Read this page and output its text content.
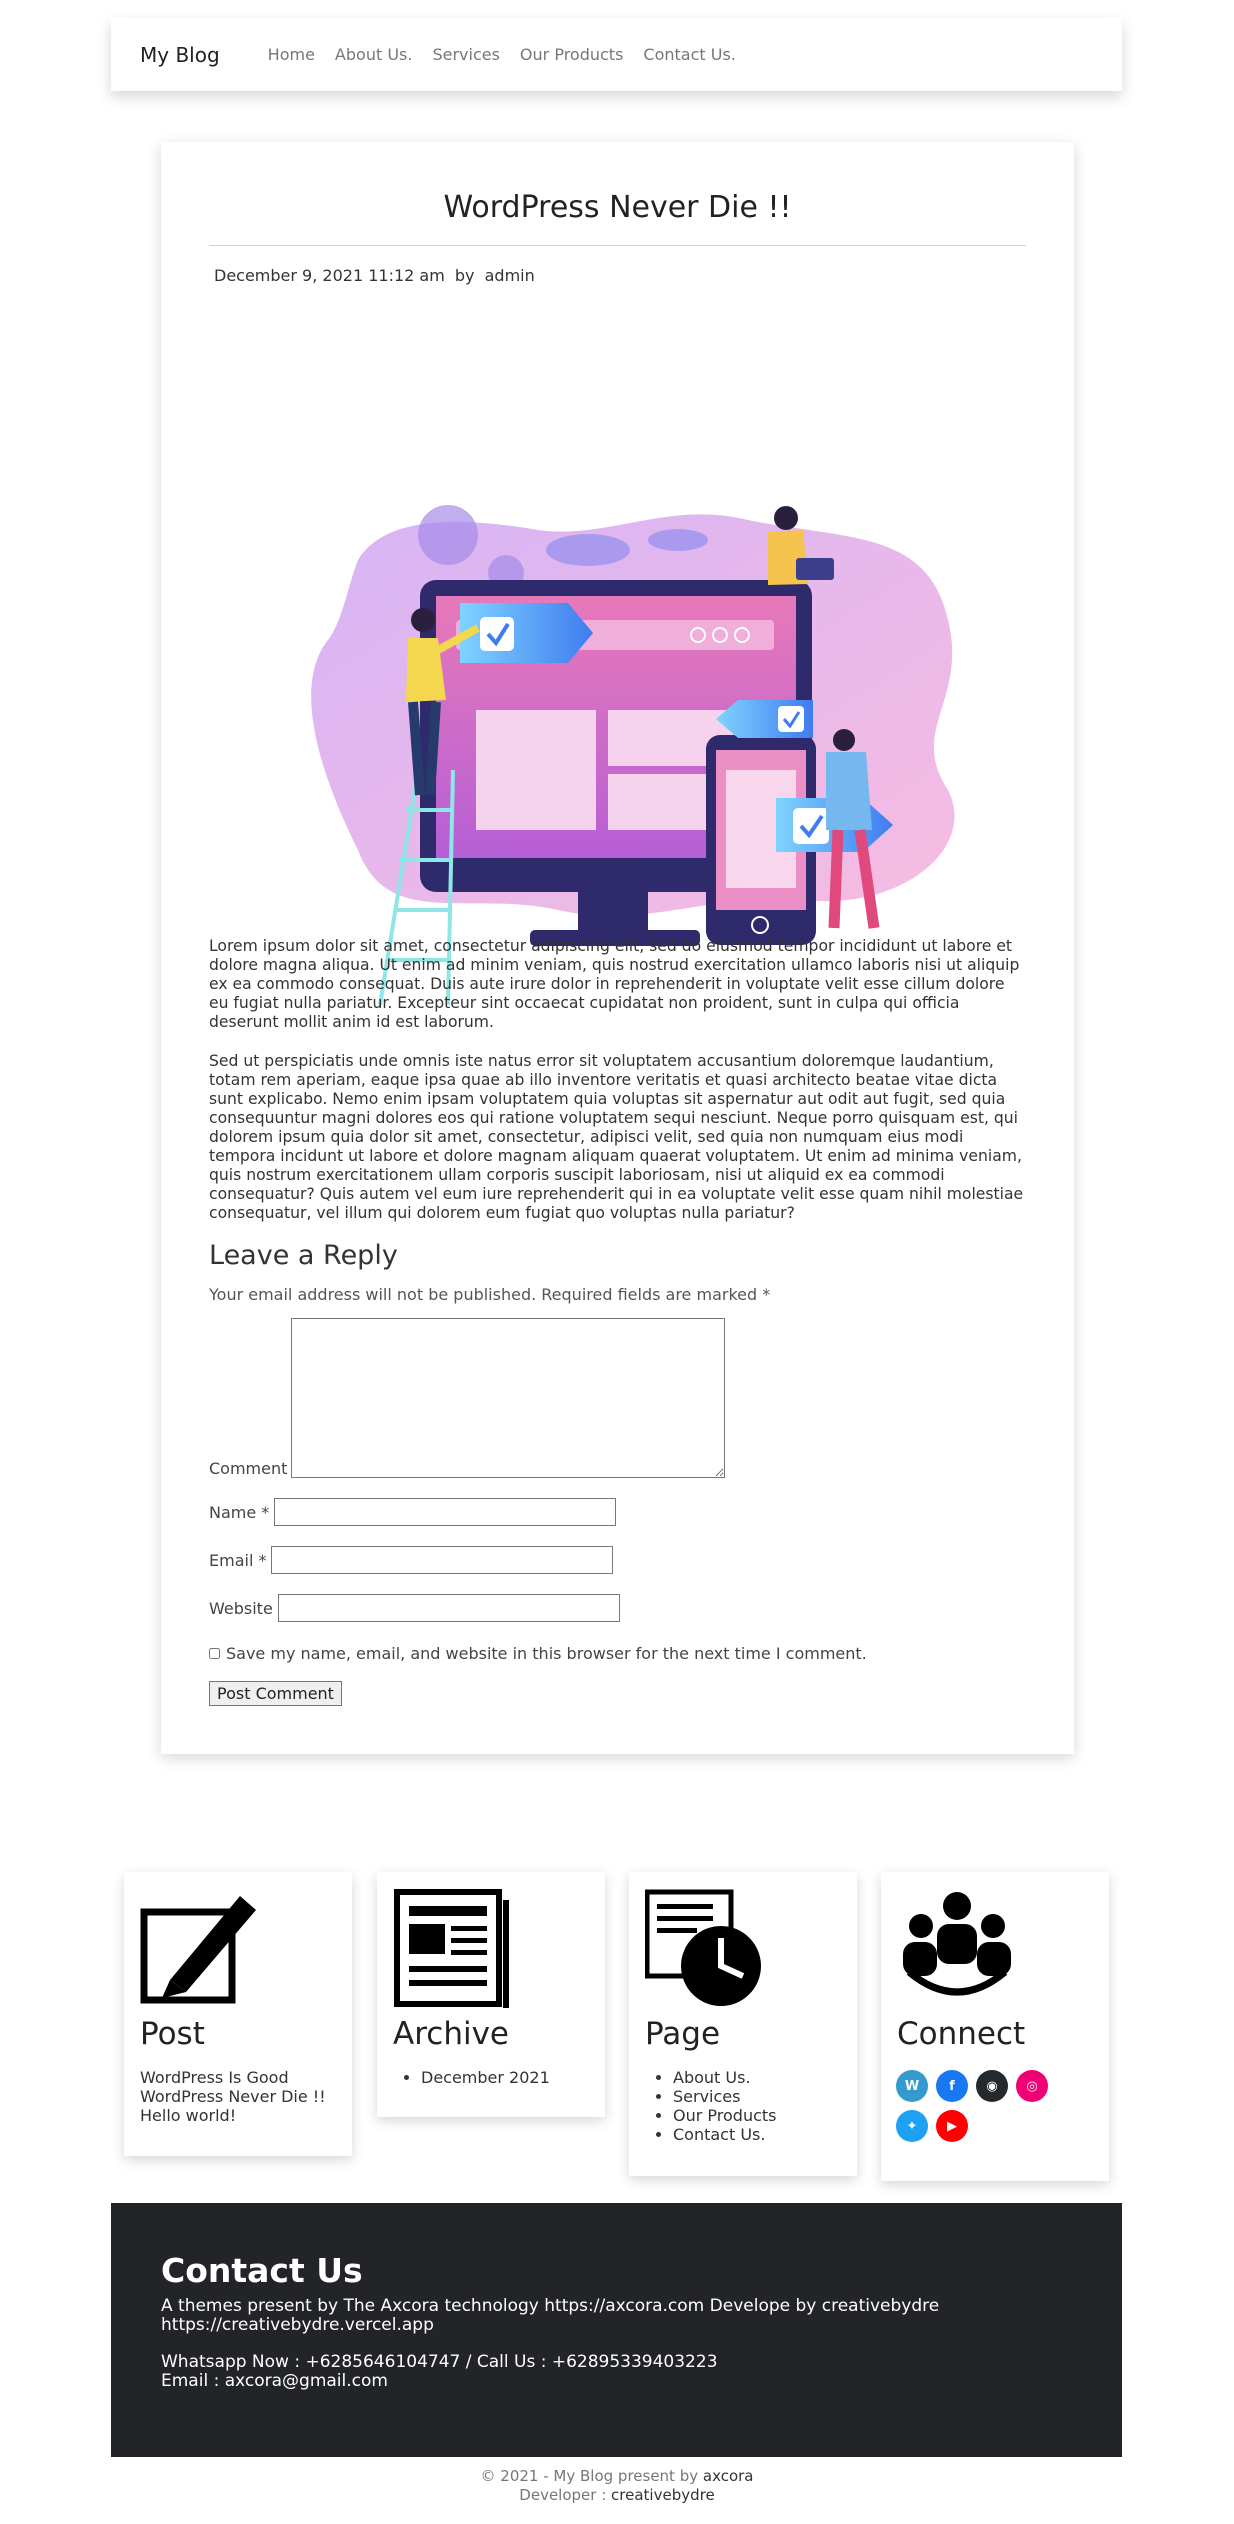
My Blog	Home About Us. Services Our Products Contact Us.
WordPress Never Die !!
December 9, 2021 11:12 am by admin

Lorem ipsum dolor sit amet, consectetur adipiscing elit, sed do eiusmod tempor incididunt ut labore et dolore magna aliqua. Ut enim ad minim veniam, quis nostrud exercitation ullamco laboris nisi ut aliquip ex ea commodo consequat. Duis aute irure dolor in reprehenderit in voluptate velit esse cillum dolore eu fugiat nulla pariatur. Excepteur sint occaecat cupidatat non proident, sunt in culpa qui officia deserunt mollit anim id est laborum.

Sed ut perspiciatis unde omnis iste natus error sit voluptatem accusantium doloremque laudantium, totam rem aperiam, eaque ipsa quae ab illo inventore veritatis et quasi architecto beatae vitae dicta sunt explicabo. Nemo enim ipsam voluptatem quia voluptas sit aspernatur aut odit aut fugit, sed quia consequuntur magni dolores eos qui ratione voluptatem sequi nesciunt. Neque porro quisquam est, qui dolorem ipsum quia dolor sit amet, consectetur, adipisci velit, sed quia non numquam eius modi tempora incidunt ut labore et dolore magnam aliquam quaerat voluptatem. Ut enim ad minima veniam, quis nostrum exercitationem ullam corporis suscipit laboriosam, nisi ut aliquid ex ea commodi consequatur? Quis autem vel eum iure reprehenderit qui in ea voluptate velit esse quam nihil molestiae consequatur, vel illum qui dolorem eum fugiat quo voluptas nulla pariatur?

Leave a Reply
Your email address will not be published. Required fields are marked *
Comment
Name *
Email *
Website
Save my name, email, and website in this browser for the next time I comment.
Post Comment
Post
WordPress Is Good
WordPress Never Die !!
Hello world!
Archive
• December 2021
Page
• About Us.
• Services
• Our Products
• Contact Us.
Connect
W	f	◉	◎
✦	▶
Contact Us
A themes present by The Axcora technology https://axcora.com Develope by creativebydre https://creativebydre.vercel.app
Whatsapp Now : +6285646104747 / Call Us : +62895339403223
Email : axcora@gmail.com
© 2021 - My Blog present by axcora
Developer : creativebydre
